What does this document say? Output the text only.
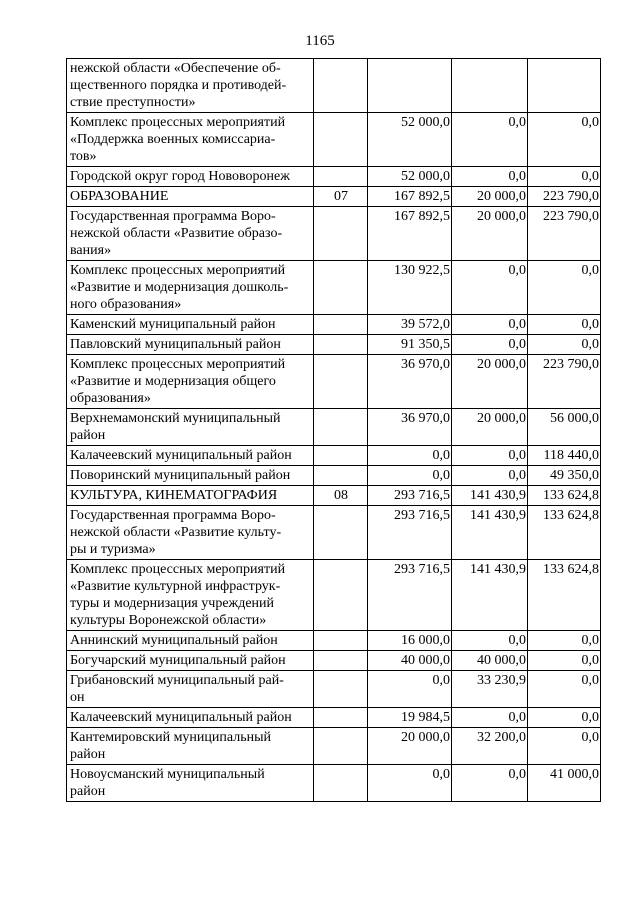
1165
нежской области «Обеспечение об-
щественного порядка и противодей-
ствие преступности»				
Комплекс процессных мероприятий
«Поддержка военных комиссариа-
тов»		52 000,0	0,0	0,0
Городской округ город Нововоронеж		52 000,0	0,0	0,0
ОБРАЗОВАНИЕ	07	167 892,5	20 000,0	223 790,0
Государственная программа Воро-
нежской области «Развитие образо-
вания»		167 892,5	20 000,0	223 790,0
Комплекс процессных мероприятий
«Развитие и модернизация дошколь-
ного образования»		130 922,5	0,0	0,0
Каменский муниципальный район		39 572,0	0,0	0,0
Павловский муниципальный район		91 350,5	0,0	0,0
Комплекс процессных мероприятий
«Развитие и модернизация общего
образования»		36 970,0	20 000,0	223 790,0
Верхнемамонский муниципальный
район		36 970,0	20 000,0	56 000,0
Калачеевский муниципальный район		0,0	0,0	118 440,0
Поворинский муниципальный район		0,0	0,0	49 350,0
КУЛЬТУРА, КИНЕМАТОГРАФИЯ	08	293 716,5	141 430,9	133 624,8
Государственная программа Воро-
нежской области «Развитие культу-
ры и туризма»		293 716,5	141 430,9	133 624,8
Комплекс процессных мероприятий
«Развитие культурной инфраструк-
туры и модернизация учреждений
культуры Воронежской области»		293 716,5	141 430,9	133 624,8
Аннинский муниципальный район		16 000,0	0,0	0,0
Богучарский муниципальный район		40 000,0	40 000,0	0,0
Грибановский муниципальный рай-
он		0,0	33 230,9	0,0
Калачеевский муниципальный район		19 984,5	0,0	0,0
Кантемировский муниципальный
район		20 000,0	32 200,0	0,0
Новоусманский муниципальный
район		0,0	0,0	41 000,0
